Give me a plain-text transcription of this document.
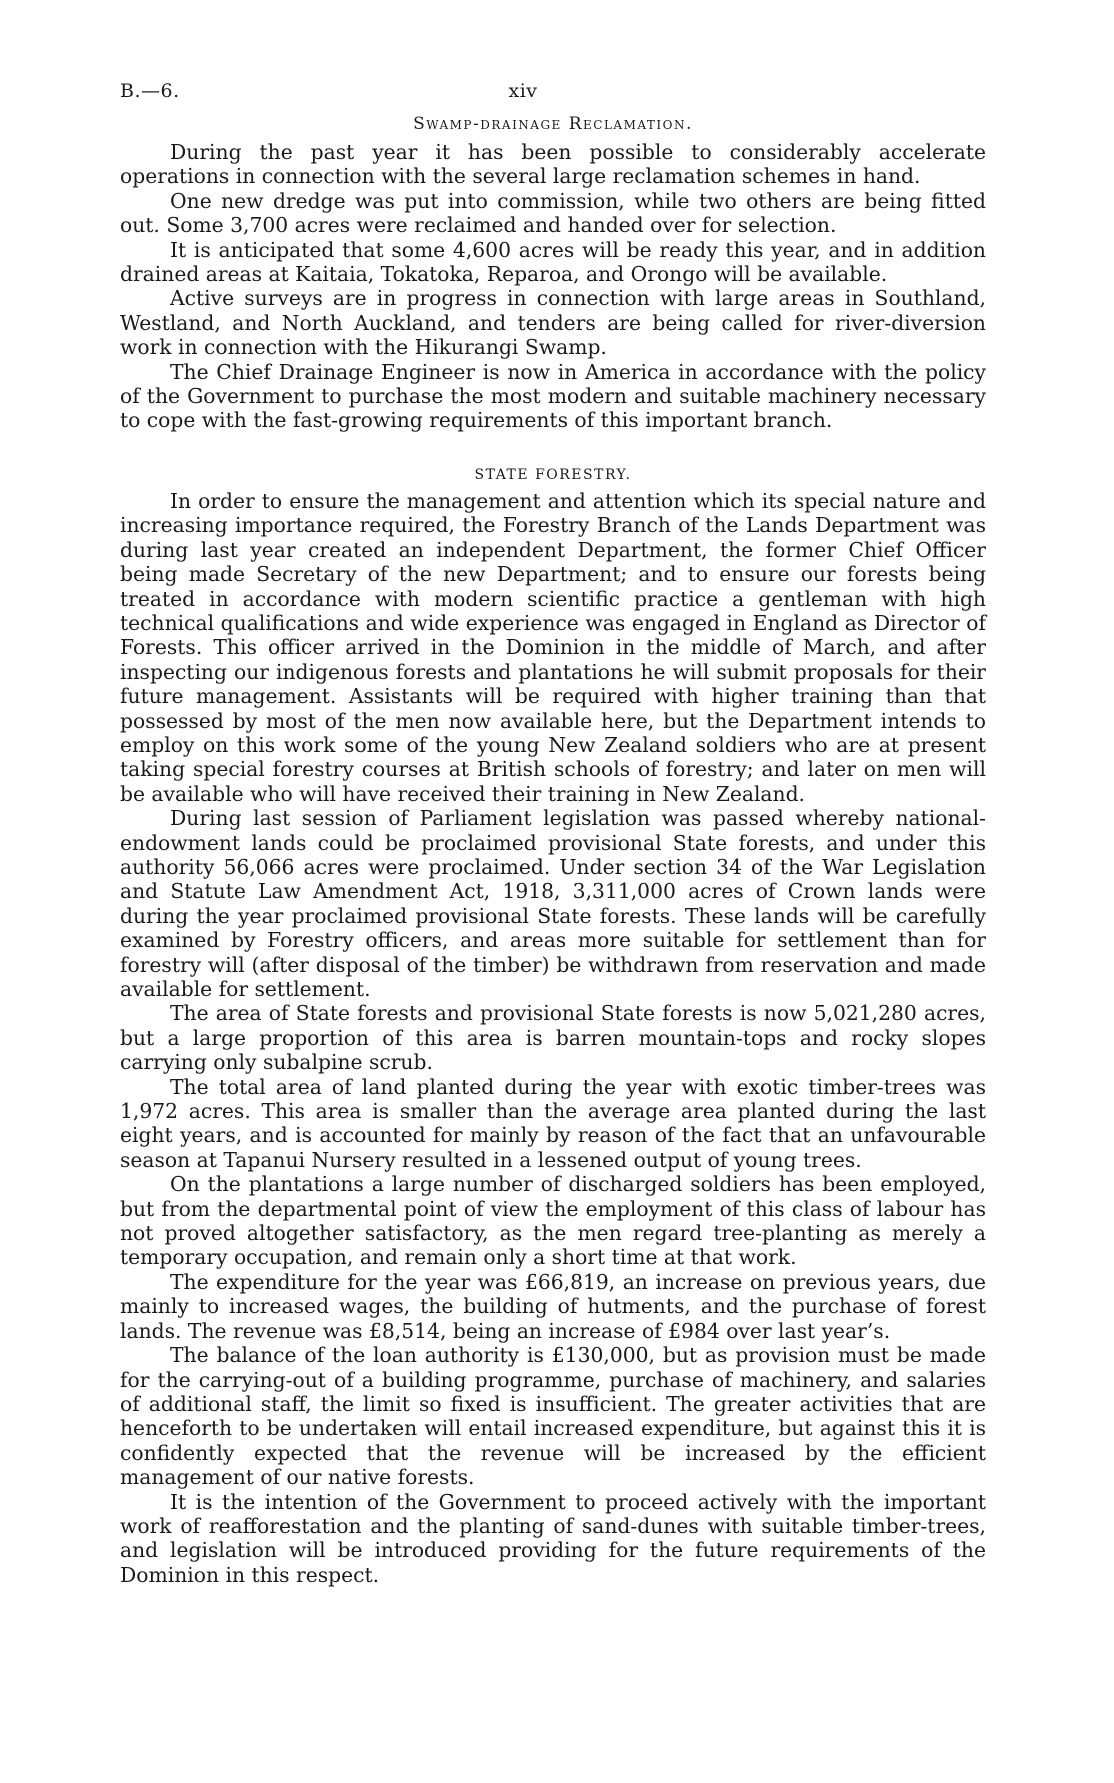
B.—6.	xiv
Swamp-drainage Reclamation.

During the past year it has been possible to considerably accelerate operations in connection with the several large reclamation schemes in hand.

One new dredge was put into commission, while two others are being fitted out. Some 3,700 acres were reclaimed and handed over for selection.

It is anticipated that some 4,600 acres will be ready this year, and in addition drained areas at Kaitaia, Tokatoka, Reparoa, and Orongo will be available.

Active surveys are in progress in connection with large areas in Southland, Westland, and North Auckland, and tenders are being called for river-diversion work in connection with the Hikurangi Swamp.

The Chief Drainage Engineer is now in America in accordance with the policy of the Government to purchase the most modern and suitable machinery necessary to cope with the fast-growing requirements of this important branch.

STATE FORESTRY.

In order to ensure the management and attention which its special nature and increasing importance required, the Forestry Branch of the Lands Department was during last year created an independent Department, the former Chief Officer being made Secretary of the new Department; and to ensure our forests being treated in accordance with modern scientific practice a gentleman with high technical qualifications and wide experience was engaged in England as Director of Forests. This officer arrived in the Dominion in the middle of March, and after inspecting our indigenous forests and plantations he will submit proposals for their future management. Assistants will be required with higher training than that possessed by most of the men now available here, but the Department intends to employ on this work some of the young New Zealand soldiers who are at present taking special forestry courses at British schools of forestry; and later on men will be available who will have received their training in New Zealand.

During last session of Parliament legislation was passed whereby national-endowment lands could be proclaimed provisional State forests, and under this authority 56,066 acres were proclaimed. Under section 34 of the War Legislation and Statute Law Amendment Act, 1918, 3,311,000 acres of Crown lands were during the year proclaimed provisional State forests. These lands will be carefully examined by Forestry officers, and areas more suitable for settlement than for forestry will (after disposal of the timber) be withdrawn from reservation and made available for settlement.

The area of State forests and provisional State forests is now 5,021,280 acres, but a large proportion of this area is barren mountain-tops and rocky slopes carrying only subalpine scrub.

The total area of land planted during the year with exotic timber-trees was 1,972 acres. This area is smaller than the average area planted during the last eight years, and is accounted for mainly by reason of the fact that an unfavourable season at Tapanui Nursery resulted in a lessened output of young trees.

On the plantations a large number of discharged soldiers has been employed, but from the departmental point of view the employment of this class of labour has not proved altogether satisfactory, as the men regard tree-planting as merely a temporary occupation, and remain only a short time at that work.

The expenditure for the year was £66,819, an increase on previous years, due mainly to increased wages, the building of hutments, and the purchase of forest lands. The revenue was £8,514, being an increase of £984 over last year’s.

The balance of the loan authority is £130,000, but as provision must be made for the carrying-out of a building programme, purchase of machinery, and salaries of additional staff, the limit so fixed is insufficient. The greater activities that are henceforth to be undertaken will entail increased expenditure, but against this it is confidently expected that the revenue will be increased by the efficient management of our native forests.

It is the intention of the Government to proceed actively with the important work of reafforestation and the planting of sand-dunes with suitable timber-trees, and legislation will be introduced providing for the future requirements of the Dominion in this respect.
